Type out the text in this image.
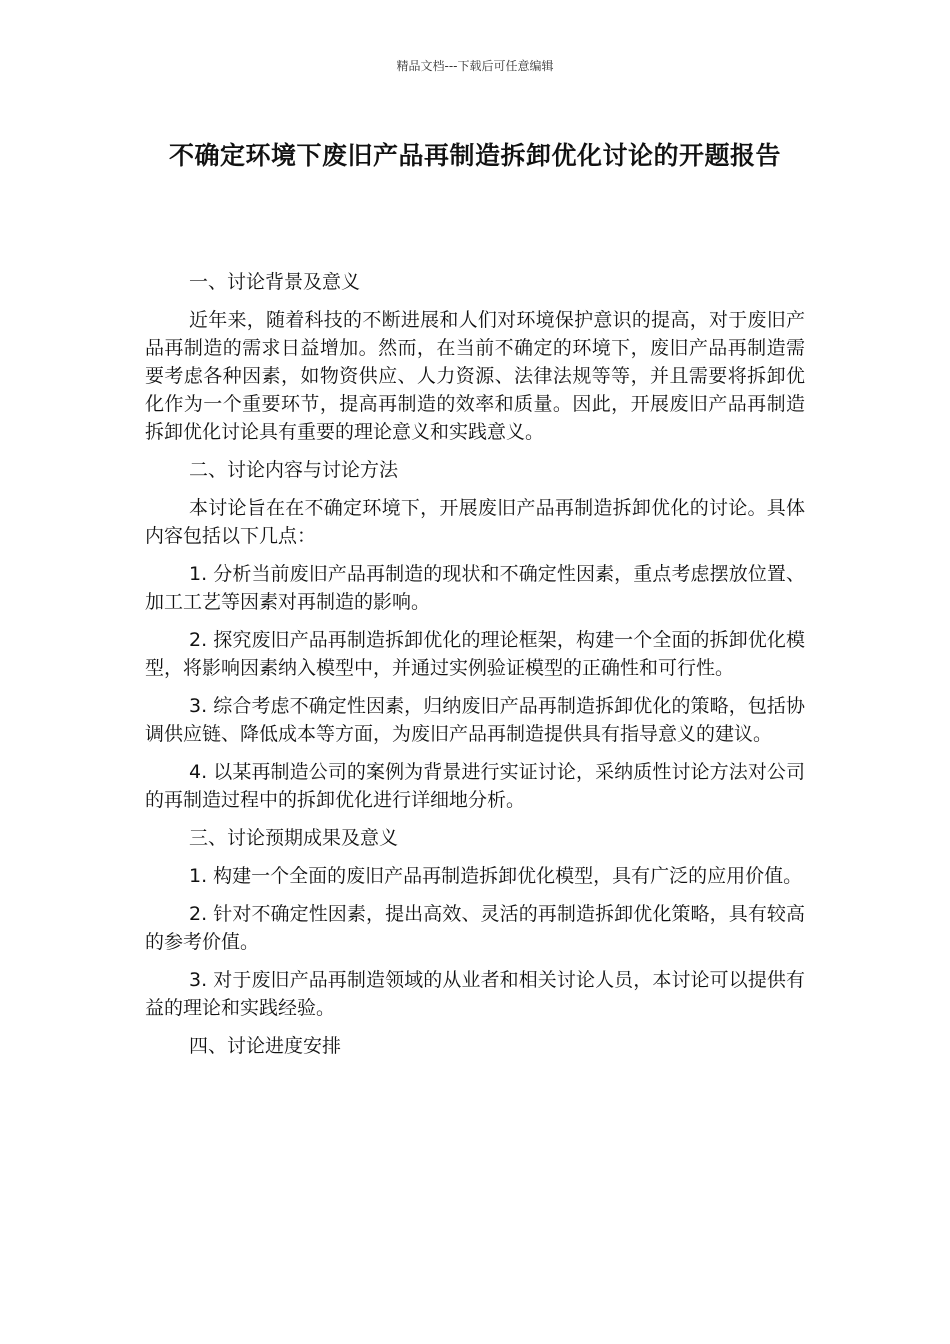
精品文档---下载后可任意编辑
不确定环境下废旧产品再制造拆卸优化讨论的开题报告

一、讨论背景及意义

近年来，随着科技的不断进展和人们对环境保护意识的提高，对于废旧产品再制造的需求日益增加。然而，在当前不确定的环境下，废旧产品再制造需要考虑各种因素，如物资供应、人力资源、法律法规等等，并且需要将拆卸优化作为一个重要环节，提高再制造的效率和质量。因此，开展废旧产品再制造拆卸优化讨论具有重要的理论意义和实践意义。

二、讨论内容与讨论方法

本讨论旨在在不确定环境下，开展废旧产品再制造拆卸优化的讨论。具体内容包括以下几点：

1. 分析当前废旧产品再制造的现状和不确定性因素，重点考虑摆放位置、加工工艺等因素对再制造的影响。

2. 探究废旧产品再制造拆卸优化的理论框架，构建一个全面的拆卸优化模型，将影响因素纳入模型中，并通过实例验证模型的正确性和可行性。

3. 综合考虑不确定性因素，归纳废旧产品再制造拆卸优化的策略，包括协调供应链、降低成本等方面，为废旧产品再制造提供具有指导意义的建议。

4. 以某再制造公司的案例为背景进行实证讨论，采纳质性讨论方法对公司的再制造过程中的拆卸优化进行详细地分析。

三、讨论预期成果及意义

1. 构建一个全面的废旧产品再制造拆卸优化模型，具有广泛的应用价值。

2. 针对不确定性因素，提出高效、灵活的再制造拆卸优化策略，具有较高的参考价值。

3. 对于废旧产品再制造领域的从业者和相关讨论人员，本讨论可以提供有益的理论和实践经验。

四、讨论进度安排
